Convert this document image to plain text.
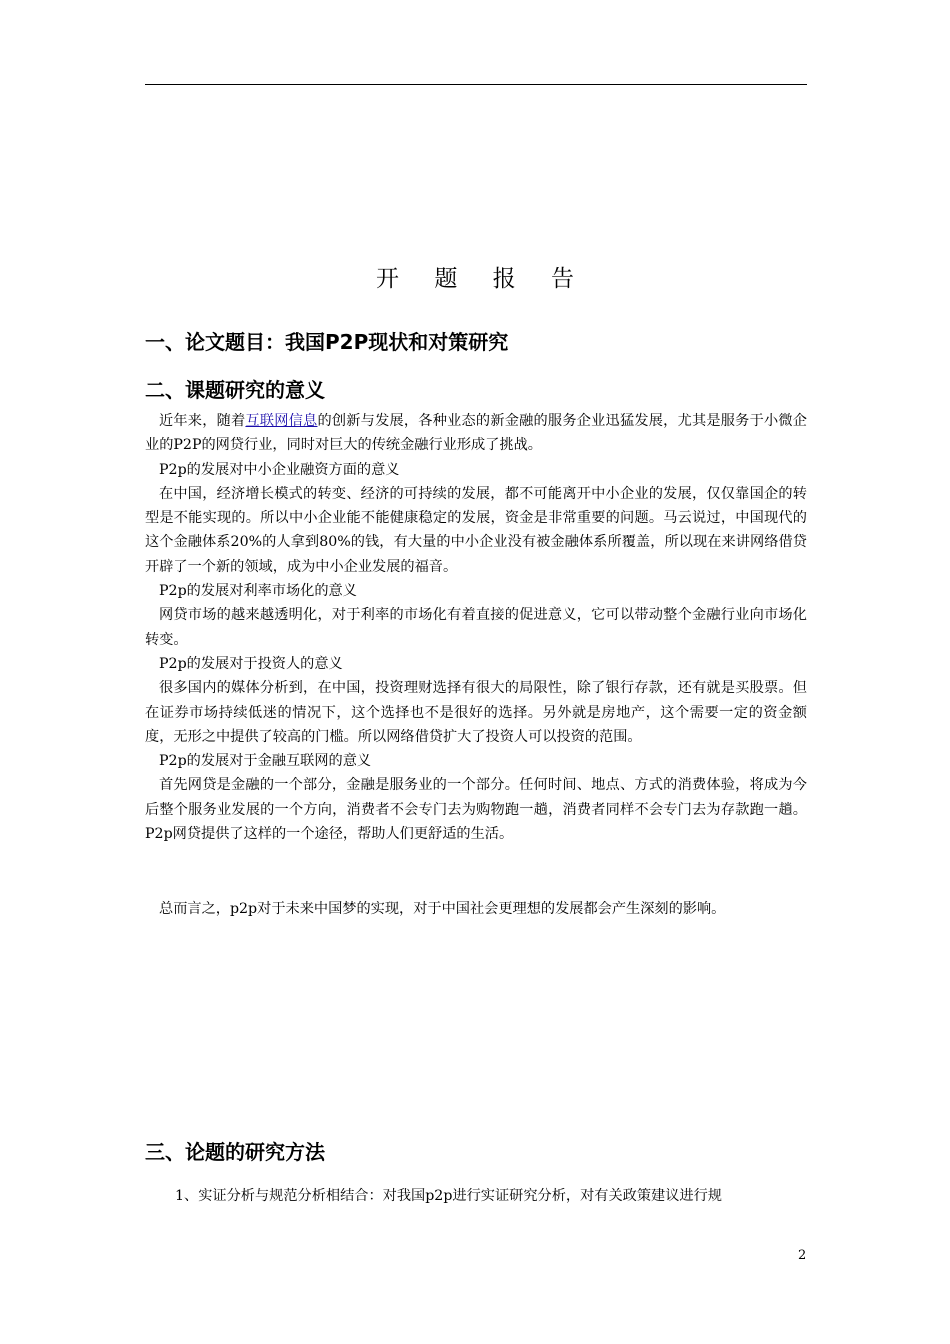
开 题 报 告
一、论文题目：我国P2P现状和对策研究
二、课题研究的意义

近年来，随着互联网信息的创新与发展，各种业态的新金融的服务企业迅猛发展，尤其是服务于小微企业的P2P的网贷行业，同时对巨大的传统金融行业形成了挑战。

P2p的发展对中小企业融资方面的意义

在中国，经济增长模式的转变、经济的可持续的发展，都不可能离开中小企业的发展，仅仅靠国企的转型是不能实现的。所以中小企业能不能健康稳定的发展，资金是非常重要的问题。马云说过，中国现代的这个金融体系20%的人拿到80%的钱，有大量的中小企业没有被金融体系所覆盖，所以现在来讲网络借贷开辟了一个新的领域，成为中小企业发展的福音。

P2p的发展对利率市场化的意义

网贷市场的越来越透明化，对于利率的市场化有着直接的促进意义，它可以带动整个金融行业向市场化转变。

P2p的发展对于投资人的意义

很多国内的媒体分析到，在中国，投资理财选择有很大的局限性，除了银行存款，还有就是买股票。但在证券市场持续低迷的情况下，这个选择也不是很好的选择。另外就是房地产，这个需要一定的资金额度，无形之中提供了较高的门槛。所以网络借贷扩大了投资人可以投资的范围。

P2p的发展对于金融互联网的意义

首先网贷是金融的一个部分，金融是服务业的一个部分。任何时间、地点、方式的消费体验，将成为今后整个服务业发展的一个方向，消费者不会专门去为购物跑一趟，消费者同样不会专门去为存款跑一趟。P2p网贷提供了这样的一个途径，帮助人们更舒适的生活。

总而言之，p2p对于未来中国梦的实现，对于中国社会更理想的发展都会产生深刻的影响。
三、论题的研究方法
1、实证分析与规范分析相结合：对我国p2p进行实证研究分析，对有关政策建议进行规
2
